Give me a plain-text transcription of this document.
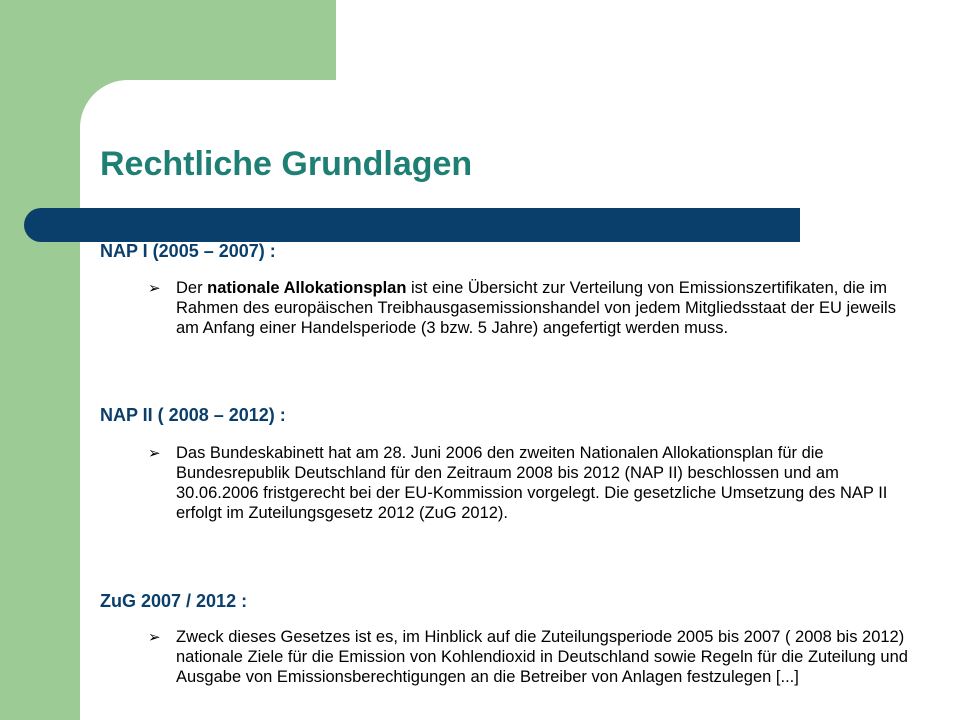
Rechtliche Grundlagen
NAP I (2005 – 2007) :
➢ Der nationale Allokationsplan ist eine Übersicht zur Verteilung von Emissionszertifikaten, die im Rahmen des europäischen Treibhausgasemissionshandel von jedem Mitgliedsstaat der EU jeweils am Anfang einer Handelsperiode (3 bzw. 5 Jahre) angefertigt werden muss.
NAP II ( 2008 – 2012) :
➢ Das Bundeskabinett hat am 28. Juni 2006 den zweiten Nationalen Allokationsplan für die Bundesrepublik Deutschland für den Zeitraum 2008 bis 2012 (NAP II) beschlossen und am 30.06.2006 fristgerecht bei der EU-Kommission vorgelegt. Die gesetzliche Umsetzung des NAP II erfolgt im Zuteilungsgesetz 2012 (ZuG 2012).
ZuG 2007 / 2012 :
➢ Zweck dieses Gesetzes ist es, im Hinblick auf die Zuteilungsperiode 2005 bis 2007 ( 2008 bis 2012) nationale Ziele für die Emission von Kohlendioxid in Deutschland sowie Regeln für die Zuteilung und Ausgabe von Emissionsberechtigungen an die Betreiber von Anlagen festzulegen [...]
